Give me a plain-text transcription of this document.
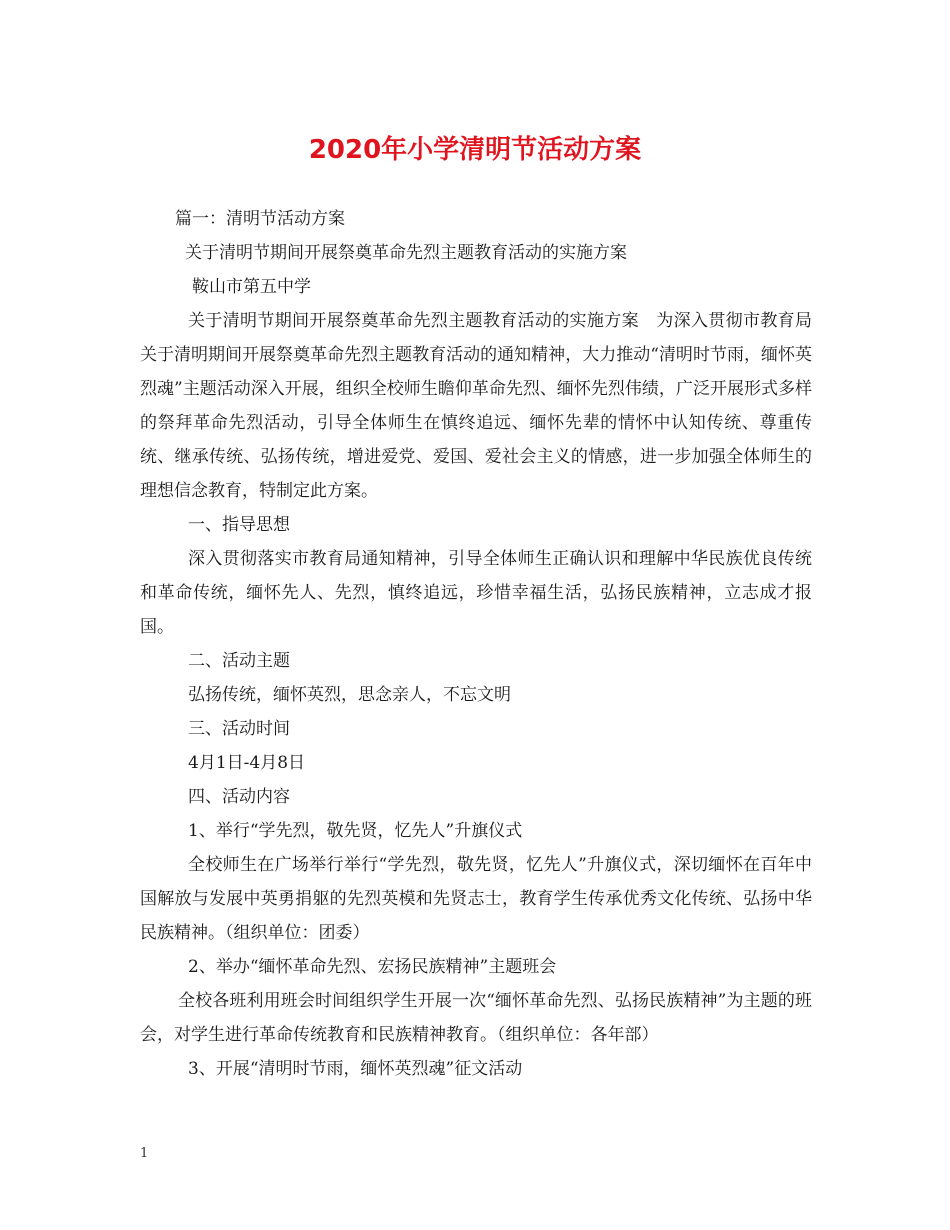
2020年小学清明节活动方案

篇一：清明节活动方案

关于清明节期间开展祭奠革命先烈主题教育活动的实施方案

鞍山市第五中学

关于清明节期间开展祭奠革命先烈主题教育活动的实施方案　为深入贯彻市教育局关于清明期间开展祭奠革命先烈主题教育活动的通知精神，大力推动“清明时节雨，缅怀英烈魂”主题活动深入开展，组织全校师生瞻仰革命先烈、缅怀先烈伟绩，广泛开展形式多样的祭拜革命先烈活动，引导全体师生在慎终追远、缅怀先辈的情怀中认知传统、尊重传统、继承传统、弘扬传统，增进爱党、爱国、爱社会主义的情感，进一步加强全体师生的理想信念教育，特制定此方案。

一、指导思想

深入贯彻落实市教育局通知精神，引导全体师生正确认识和理解中华民族优良传统和革命传统，缅怀先人、先烈，慎终追远，珍惜幸福生活，弘扬民族精神，立志成才报国。

二、活动主题

弘扬传统，缅怀英烈，思念亲人，不忘文明

三、活动时间

4月1日-4月8日

四、活动内容

1、举行“学先烈，敬先贤，忆先人”升旗仪式

全校师生在广场举行举行“学先烈，敬先贤，忆先人”升旗仪式，深切缅怀在百年中国解放与发展中英勇捐躯的先烈英模和先贤志士，教育学生传承优秀文化传统、弘扬中华民族精神。（组织单位：团委）

2、举办“缅怀革命先烈、宏扬民族精神”主题班会

全校各班利用班会时间组织学生开展一次“缅怀革命先烈、弘扬民族精神”为主题的班会，对学生进行革命传统教育和民族精神教育。（组织单位：各年部）

3、开展“清明时节雨，缅怀英烈魂”征文活动

1
